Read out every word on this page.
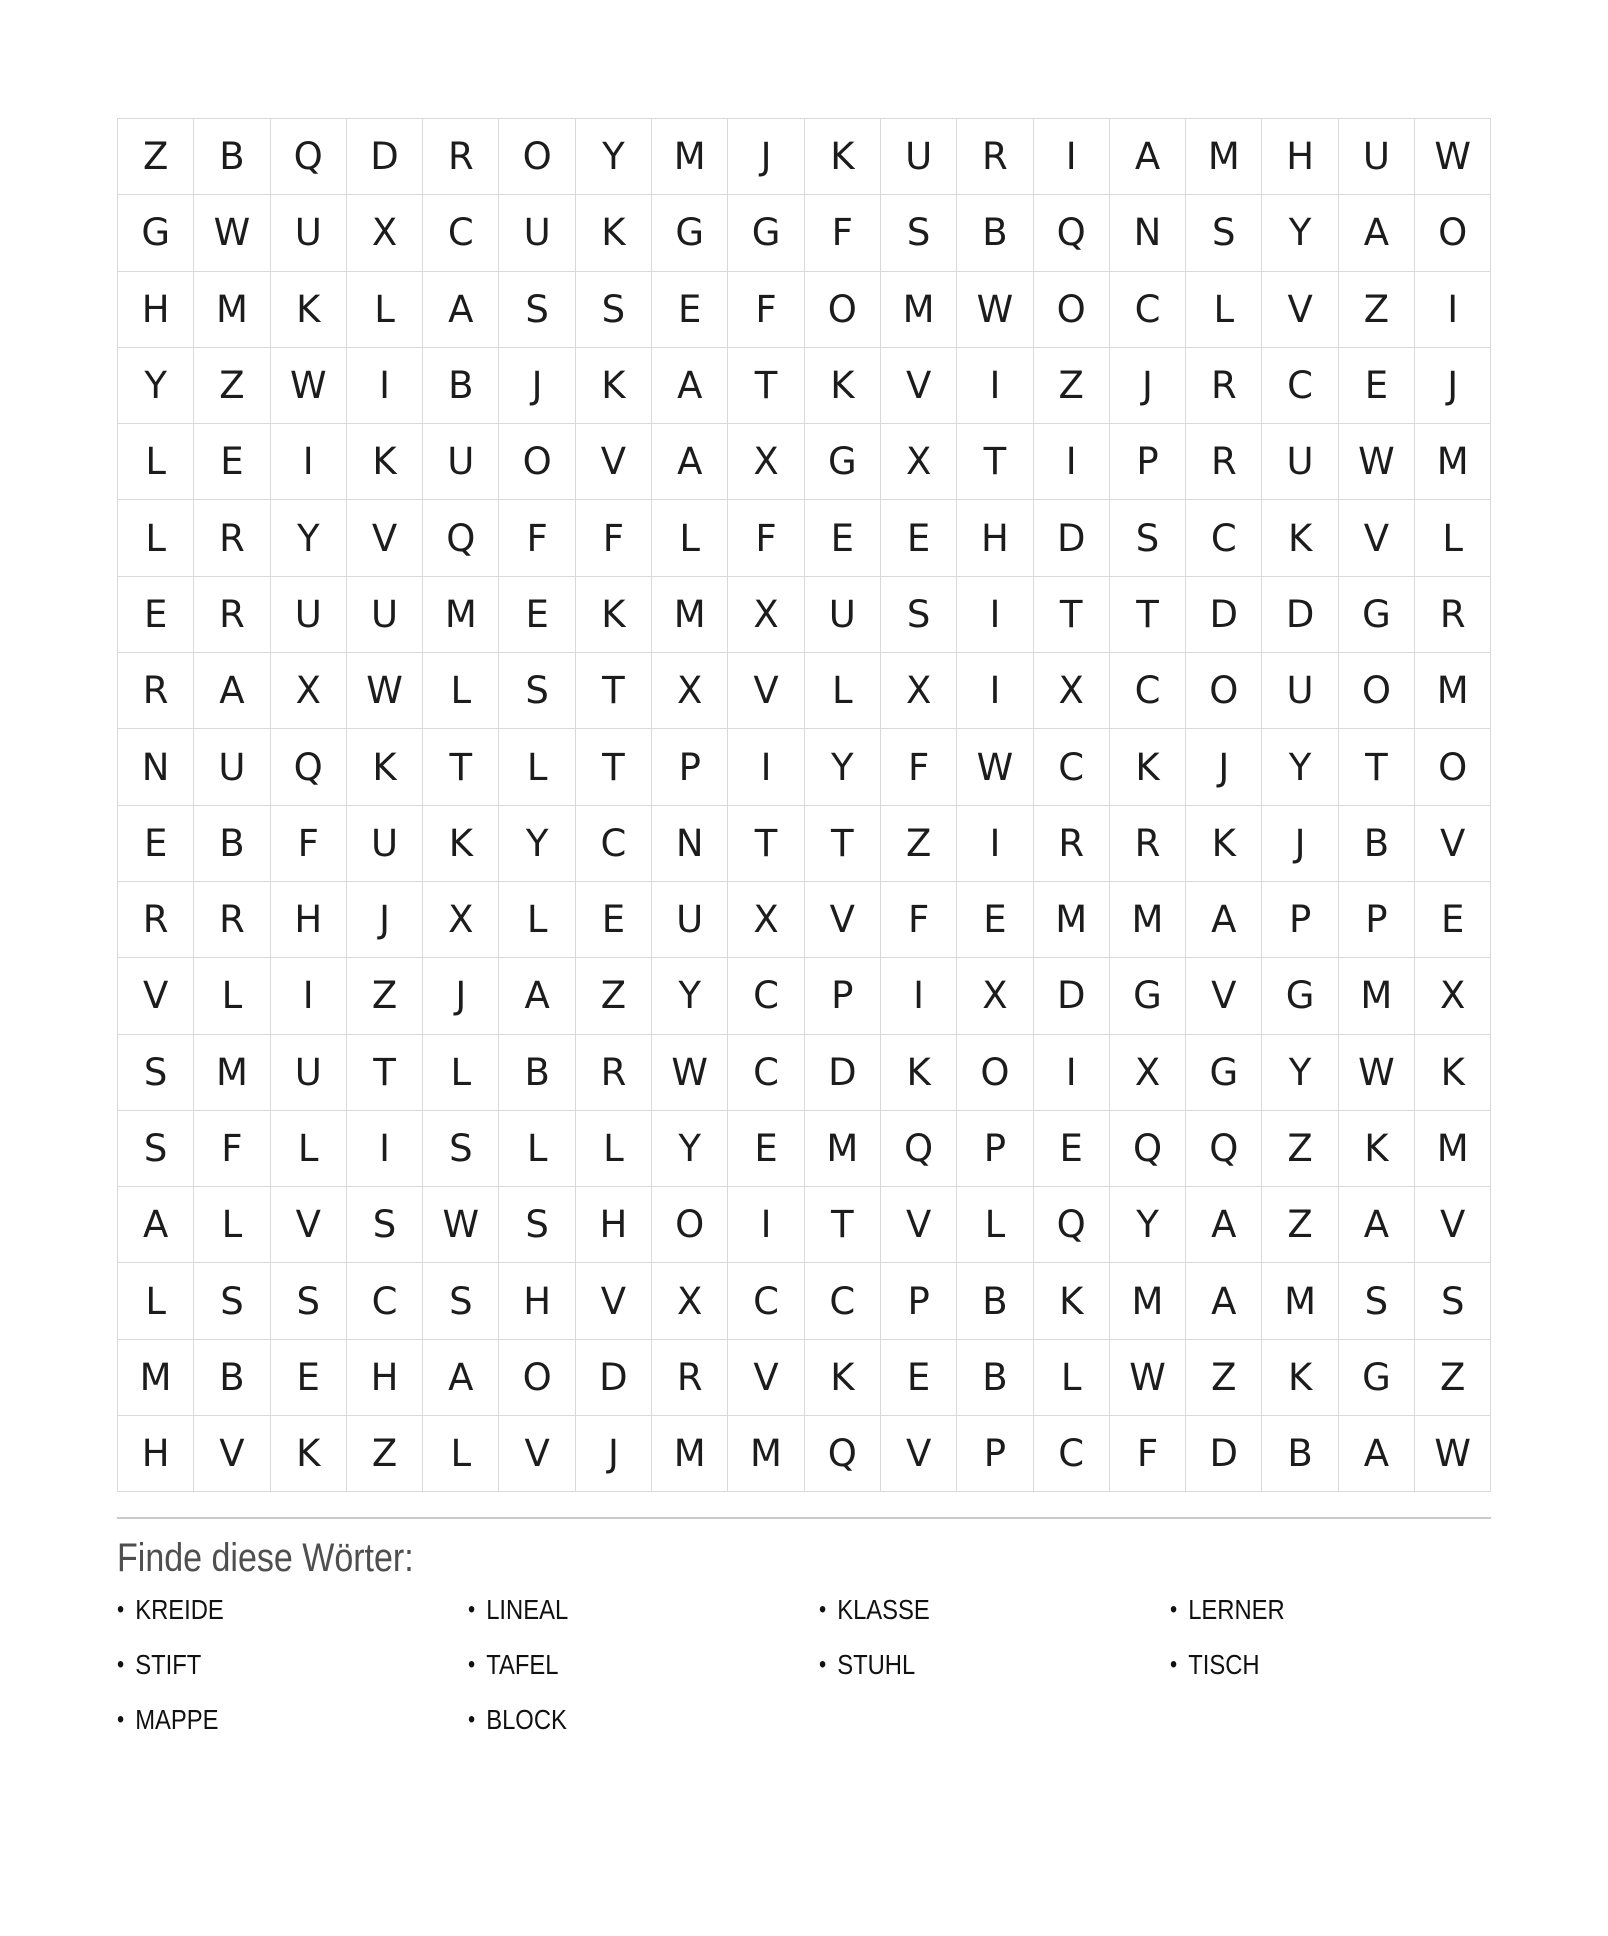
Z B Q D R O Y M J K U R I A M H U W
G W U X C U K G G F S B Q N S Y A O
H M K L A S S E F O M W O C L V Z I
Y Z W I B J K A T K V I Z J R C E J
L E I K U O V A X G X T I P R U W M
L R Y V Q F F L F E E H D S C K V L
E R U U M E K M X U S I T T D D G R
R A X W L S T X V L X I X C O U O M
N U Q K T L T P I Y F W C K J Y T O
E B F U K Y C N T T Z I R R K J B V
R R H J X L E U X V F E M M A P P E
V L I Z J A Z Y C P I X D G V G M X
S M U T L B R W C D K O I X G Y W K
S F L I S L L Y E M Q P E Q Q Z K M
A L V S W S H O I T V L Q Y A Z A V
L S S C S H V X C C P B K M A M S S
M B E H A O D R V K E B L W Z K G Z
H V K Z L V J M M Q V P C F D B A W
Finde diese Wörter:
• KREIDE
• STIFT
• MAPPE
• LINEAL
• TAFEL
• BLOCK
• KLASSE
• STUHL
• LERNER
• TISCH
